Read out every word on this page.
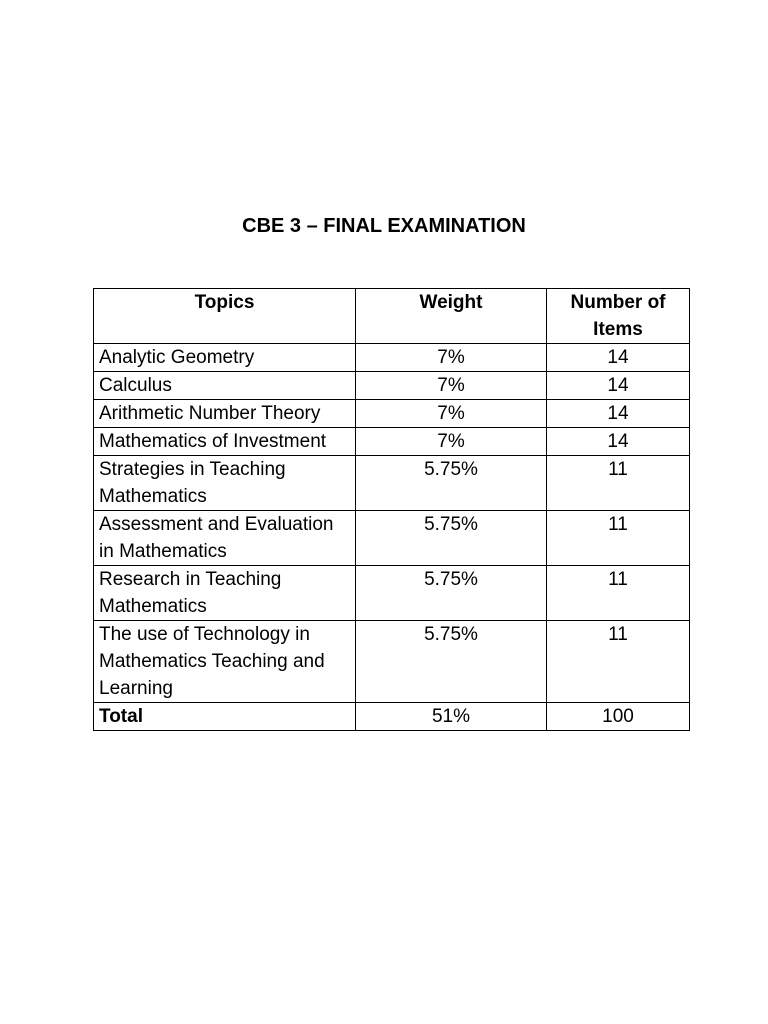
CBE 3 – FINAL EXAMINATION
Topics	Weight	Number of Items
Analytic Geometry	7%	14
Calculus	7%	14
Arithmetic Number Theory	7%	14
Mathematics of Investment	7%	14
Strategies in Teaching Mathematics	5.75%	11
Assessment and Evaluation in Mathematics	5.75%	11
Research in Teaching Mathematics	5.75%	11
The use of Technology in Mathematics Teaching and Learning	5.75%	11
Total	51%	100
